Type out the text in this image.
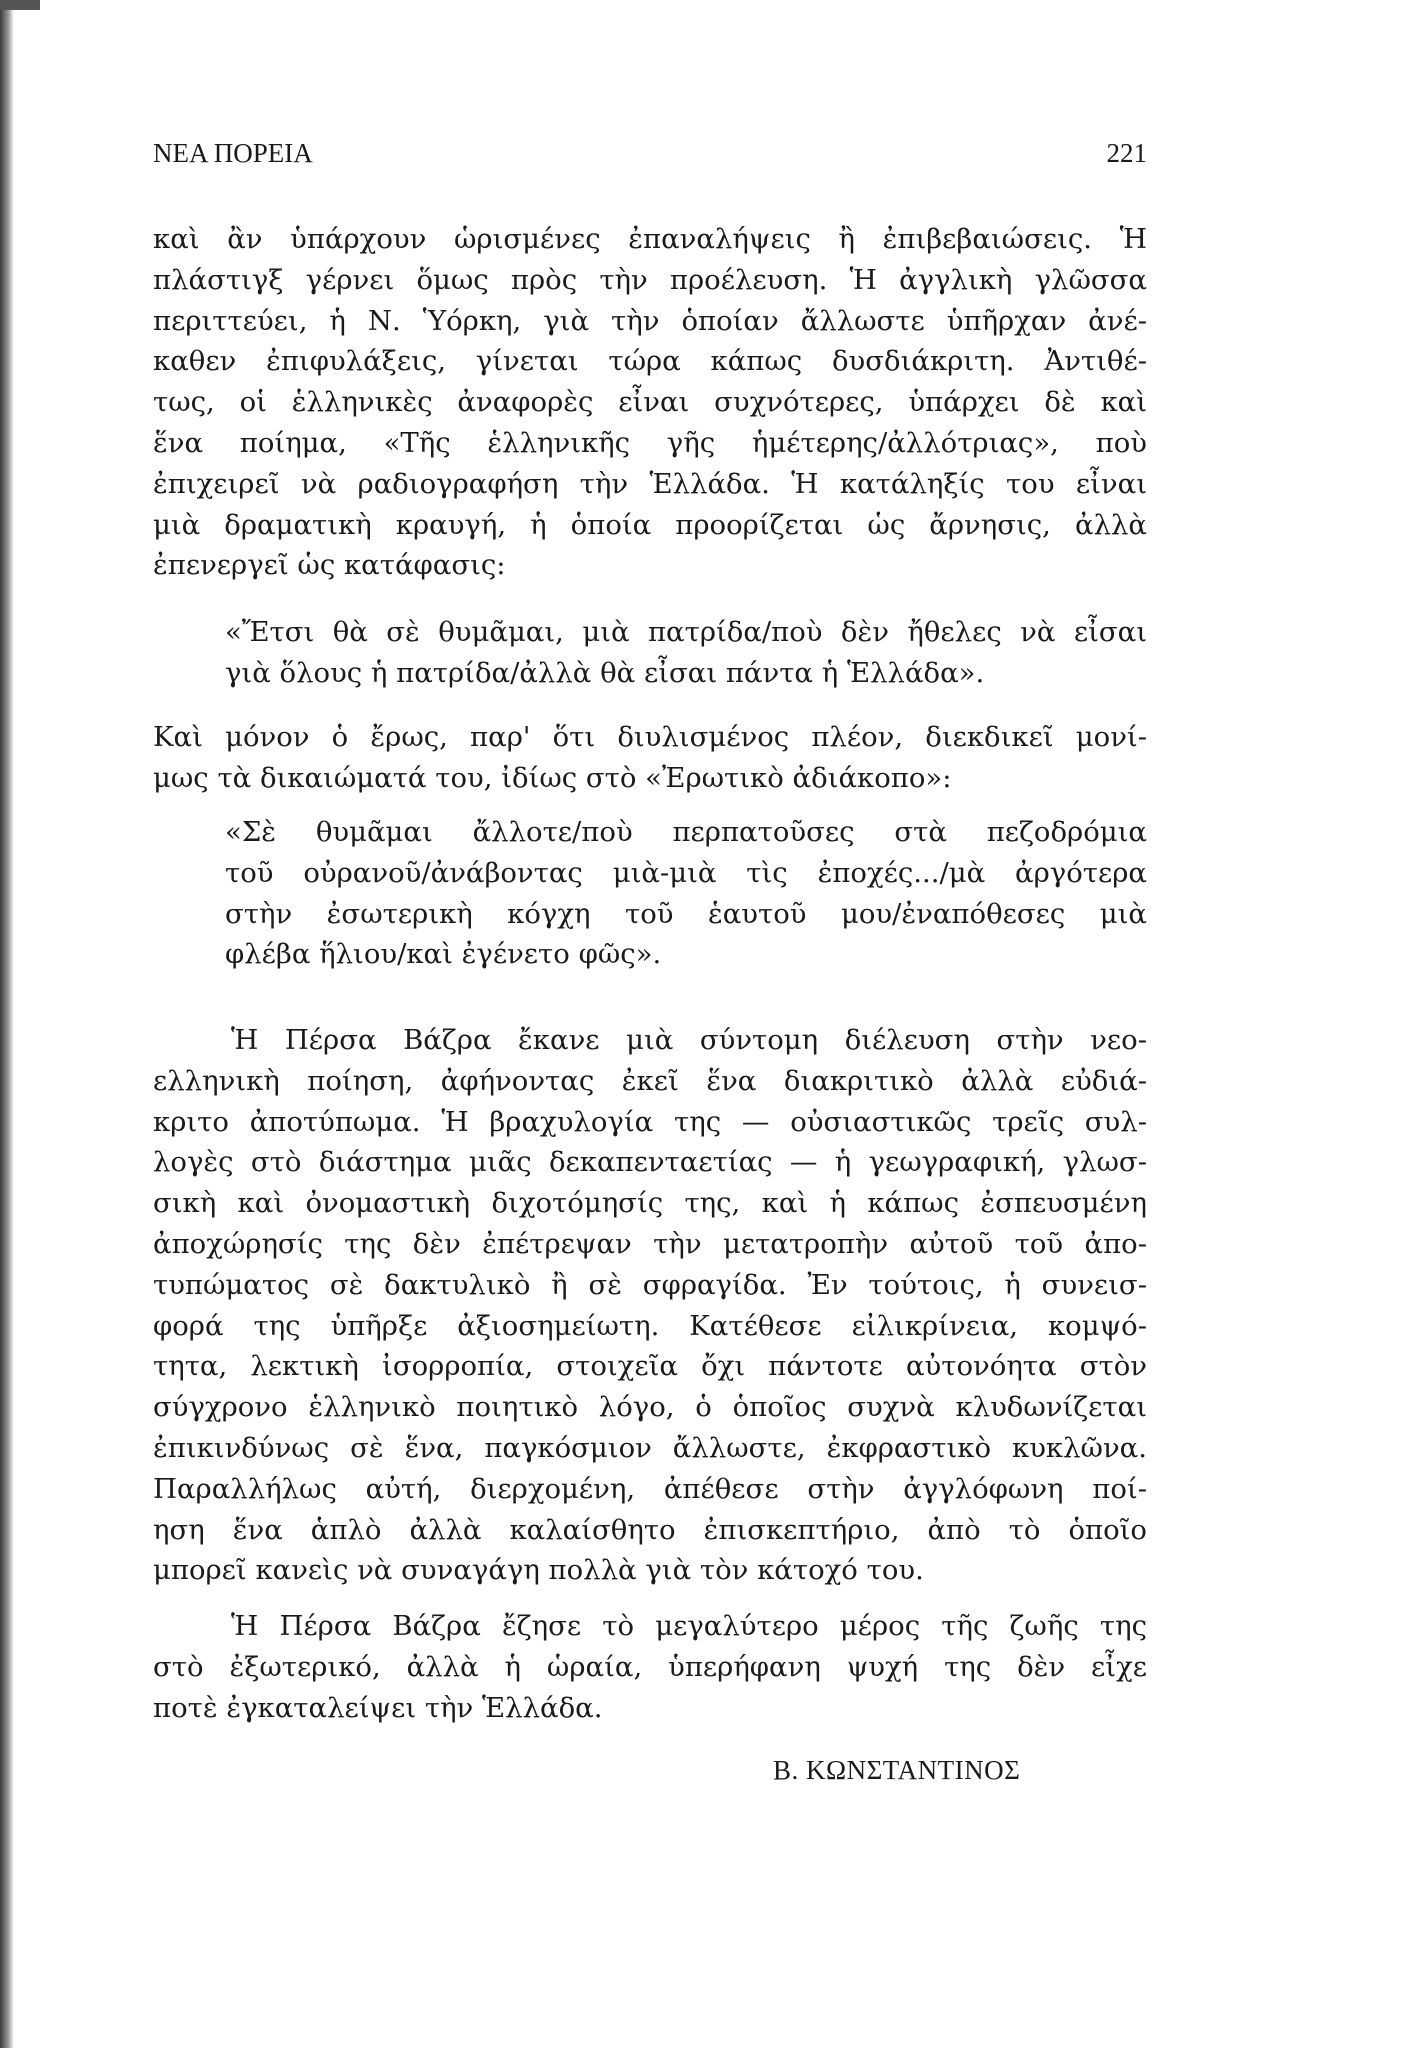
ΝΕΑ ΠΟΡΕΙΑ	221
καὶ ἂν ὑπάρχουν ὡρισμένες ἐπαναλήψεις ἢ ἐπιβεβαιώσεις. Ἡ
πλάστιγξ γέρνει ὅμως πρὸς τὴν προέλευση. Ἡ ἀγγλικὴ γλῶσσα
περιττεύει, ἡ Ν. Ὑόρκη, γιὰ τὴν ὁποίαν ἄλλωστε ὑπῆρχαν ἀνέ-
καθεν ἐπιφυλάξεις, γίνεται τώρα κάπως δυσδιάκριτη. Ἀντιθέ-
τως, οἱ ἑλληνικὲς ἀναφορὲς εἶναι συχνότερες, ὑπάρχει δὲ καὶ
ἕνα ποίημα, «Τῆς ἑλληνικῆς γῆς ἡμέτερης/ἀλλότριας», ποὺ
ἐπιχειρεῖ νὰ ραδιογραφήση τὴν Ἑλλάδα. Ἡ κατάληξίς του εἶναι
μιὰ δραματικὴ κραυγή, ἡ ὁποία προορίζεται ὡς ἄρνησις, ἀλλὰ
ἐπενεργεῖ ὡς κατάφασις:
«Ἔτσι θὰ σὲ θυμᾶμαι, μιὰ πατρίδα/ποὺ δὲν ἤθελες νὰ εἶσαι
γιὰ ὅλους ἡ πατρίδα/ἀλλὰ θὰ εἶσαι πάντα ἡ Ἑλλάδα».
Καὶ μόνον ὁ ἔρως, παρ' ὅτι διυλισμένος πλέον, διεκδικεῖ μονί-
μως τὰ δικαιώματά του, ἰδίως στὸ «Ἐρωτικὸ ἀδιάκοπο»:
«Σὲ θυμᾶμαι ἄλλοτε/ποὺ περπατοῦσες στὰ πεζοδρόμια
τοῦ οὐρανοῦ/ἀνάβοντας μιὰ-μιὰ τὶς ἐποχές.../μὰ ἀργότερα
στὴν ἐσωτερικὴ κόγχη τοῦ ἑαυτοῦ μου/ἐναπόθεσες μιὰ
φλέβα ἥλιου/καὶ ἐγένετο φῶς».
Ἡ Πέρσα Βάζρα ἔκανε μιὰ σύντομη διέλευση στὴν νεο-
ελληνικὴ ποίηση, ἀφήνοντας ἐκεῖ ἕνα διακριτικὸ ἀλλὰ εὐδιά-
κριτο ἀποτύπωμα. Ἡ βραχυλογία της — οὐσιαστικῶς τρεῖς συλ-
λογὲς στὸ διάστημα μιᾶς δεκαπενταετίας — ἡ γεωγραφική, γλωσ-
σικὴ καὶ ὀνομαστικὴ διχοτόμησίς της, καὶ ἡ κάπως ἐσπευσμένη
ἀποχώρησίς της δὲν ἐπέτρεψαν τὴν μετατροπὴν αὐτοῦ τοῦ ἀπο-
τυπώματος σὲ δακτυλικὸ ἢ σὲ σφραγίδα. Ἐν τούτοις, ἡ συνεισ-
φορά της ὑπῆρξε ἀξιοσημείωτη. Κατέθεσε εἰλικρίνεια, κομψό-
τητα, λεκτικὴ ἰσορροπία, στοιχεῖα ὄχι πάντοτε αὐτονόητα στὸν
σύγχρονο ἑλληνικὸ ποιητικὸ λόγο, ὁ ὁποῖος συχνὰ κλυδωνίζεται
ἐπικινδύνως σὲ ἕνα, παγκόσμιον ἄλλωστε, ἐκφραστικὸ κυκλῶνα.
Παραλλήλως αὐτή, διερχομένη, ἀπέθεσε στὴν ἀγγλόφωνη ποί-
ηση ἕνα ἁπλὸ ἀλλὰ καλαίσθητο ἐπισκεπτήριο, ἀπὸ τὸ ὁποῖο
μπορεῖ κανεὶς νὰ συναγάγη πολλὰ γιὰ τὸν κάτοχό του.
Ἡ Πέρσα Βάζρα ἔζησε τὸ μεγαλύτερο μέρος τῆς ζωῆς της
στὸ ἐξωτερικό, ἀλλὰ ἡ ὡραία, ὑπερήφανη ψυχή της δὲν εἶχε
ποτὲ ἐγκαταλείψει τὴν Ἑλλάδα.
Β. ΚΩΝΣΤΑΝΤΙΝΟΣ
